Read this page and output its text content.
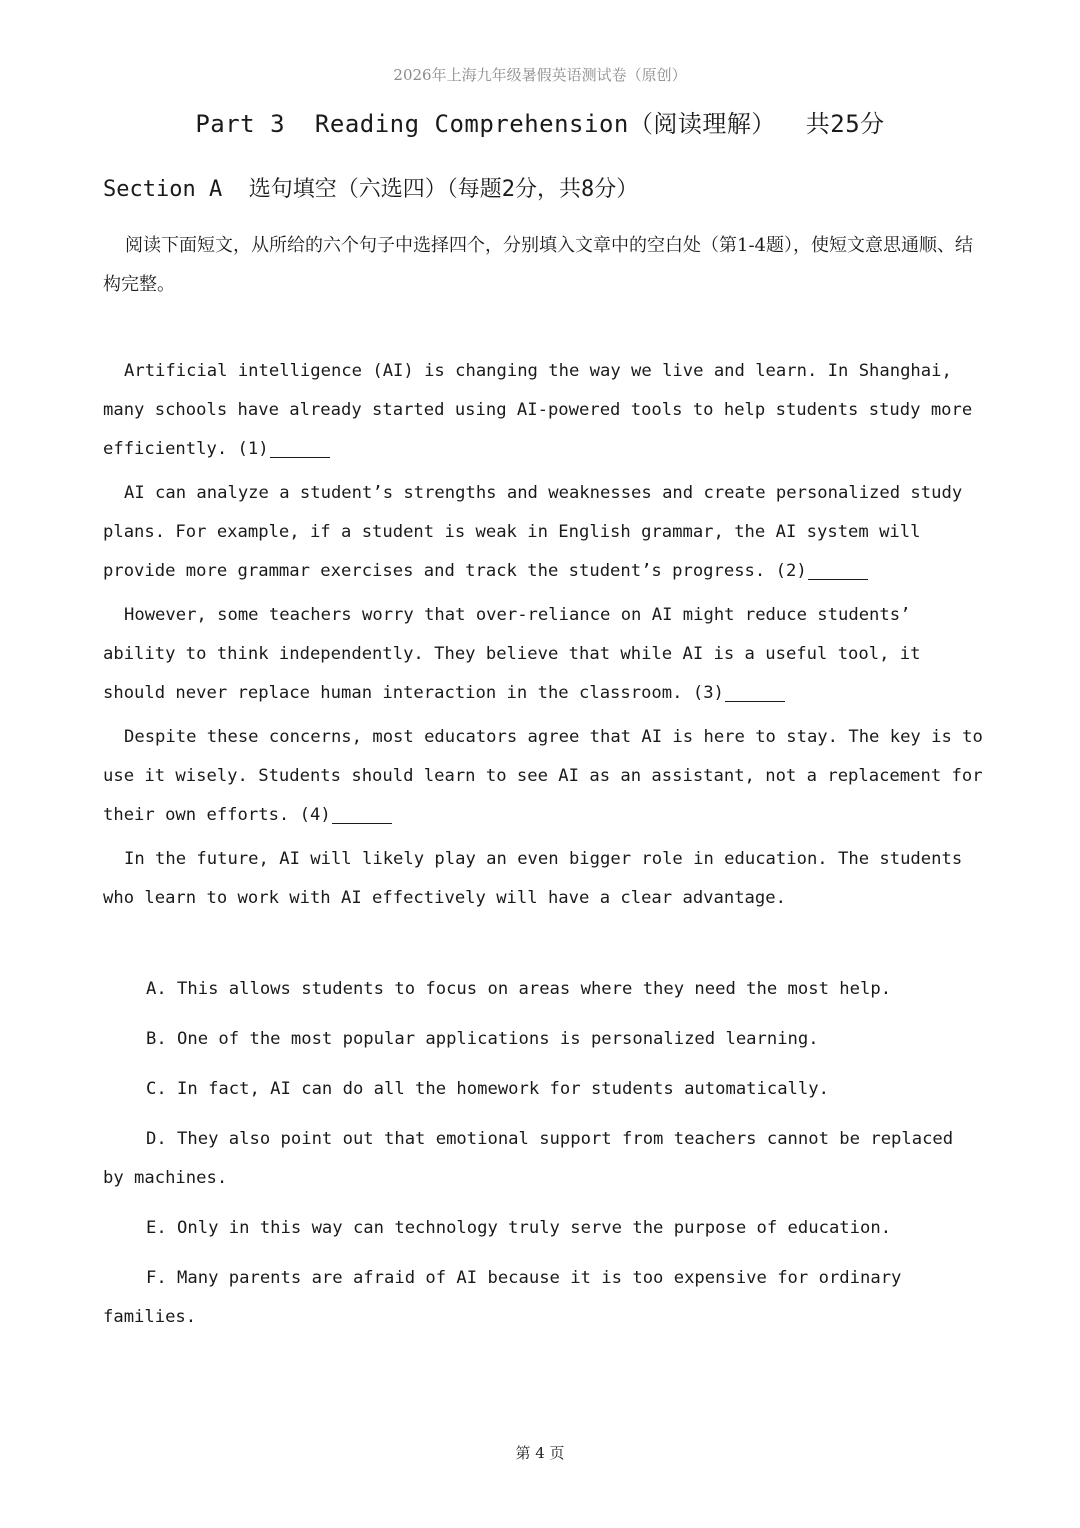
2026年上海九年级暑假英语测试卷（原创）
Part 3  Reading Comprehension（阅读理解）  共25分
Section A  选句填空（六选四）（每题2分，共8分）
阅读下面短文，从所给的六个句子中选择四个，分别填入文章中的空白处（第1-4题），使短文意思通顺、结构完整。

Artificial intelligence (AI) is changing the way we live and learn. In Shanghai, many schools have already started using AI-powered tools to help students study more efficiently. (1)

AI can analyze a student’s strengths and weaknesses and create personalized study plans. For example, if a student is weak in English grammar, the AI system will provide more grammar exercises and track the student’s progress. (2)

However, some teachers worry that over-reliance on AI might reduce students’ ability to think independently. They believe that while AI is a useful tool, it should never replace human interaction in the classroom. (3)

Despite these concerns, most educators agree that AI is here to stay. The key is to use it wisely. Students should learn to see AI as an assistant, not a replacement for their own efforts. (4)

In the future, AI will likely play an even bigger role in education. The students who learn to work with AI effectively will have a clear advantage.

A. This allows students to focus on areas where they need the most help.
B. One of the most popular applications is personalized learning.
C. In fact, AI can do all the homework for students automatically.
D. They also point out that emotional support from teachers cannot be replaced by machines.
E. Only in this way can technology truly serve the purpose of education.
F. Many parents are afraid of AI because it is too expensive for ordinary families.
第 4 页
